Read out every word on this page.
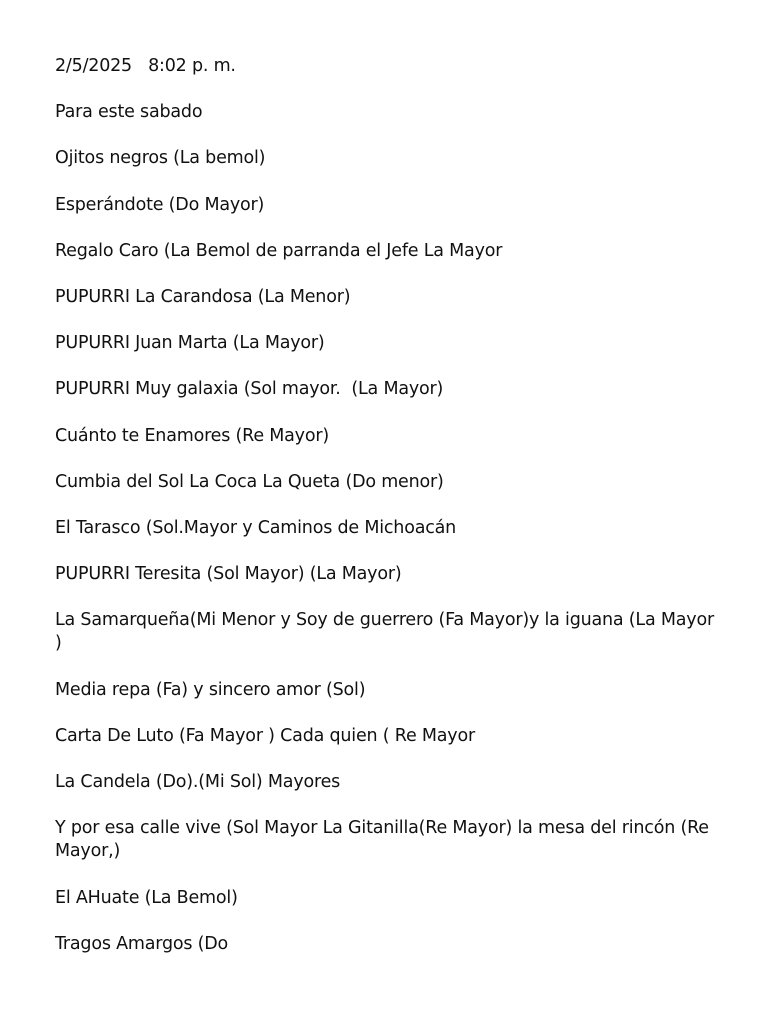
2/5/2025   8:02 p. m.

Para este sabado

Ojitos negros (La bemol)

Esperándote (Do Mayor)

Regalo Caro (La Bemol de parranda el Jefe La Mayor

PUPURRI La Carandosa (La Menor)

PUPURRI Juan Marta (La Mayor)

PUPURRI Muy galaxia (Sol mayor.  (La Mayor)

Cuánto te Enamores (Re Mayor)

Cumbia del Sol La Coca La Queta (Do menor)

El Tarasco (Sol.Mayor y Caminos de Michoacán

PUPURRI Teresita (Sol Mayor) (La Mayor)

La Samarqueña(Mi Menor y Soy de guerrero (Fa Mayor)y la iguana (La Mayor )

Media repa (Fa) y sincero amor (Sol)

Carta De Luto (Fa Mayor ) Cada quien ( Re Mayor

La Candela (Do).(Mi Sol) Mayores

Y por esa calle vive (Sol Mayor La Gitanilla(Re Mayor) la mesa del rincón (Re Mayor,)

El AHuate (La Bemol)

Tragos Amargos (Do
